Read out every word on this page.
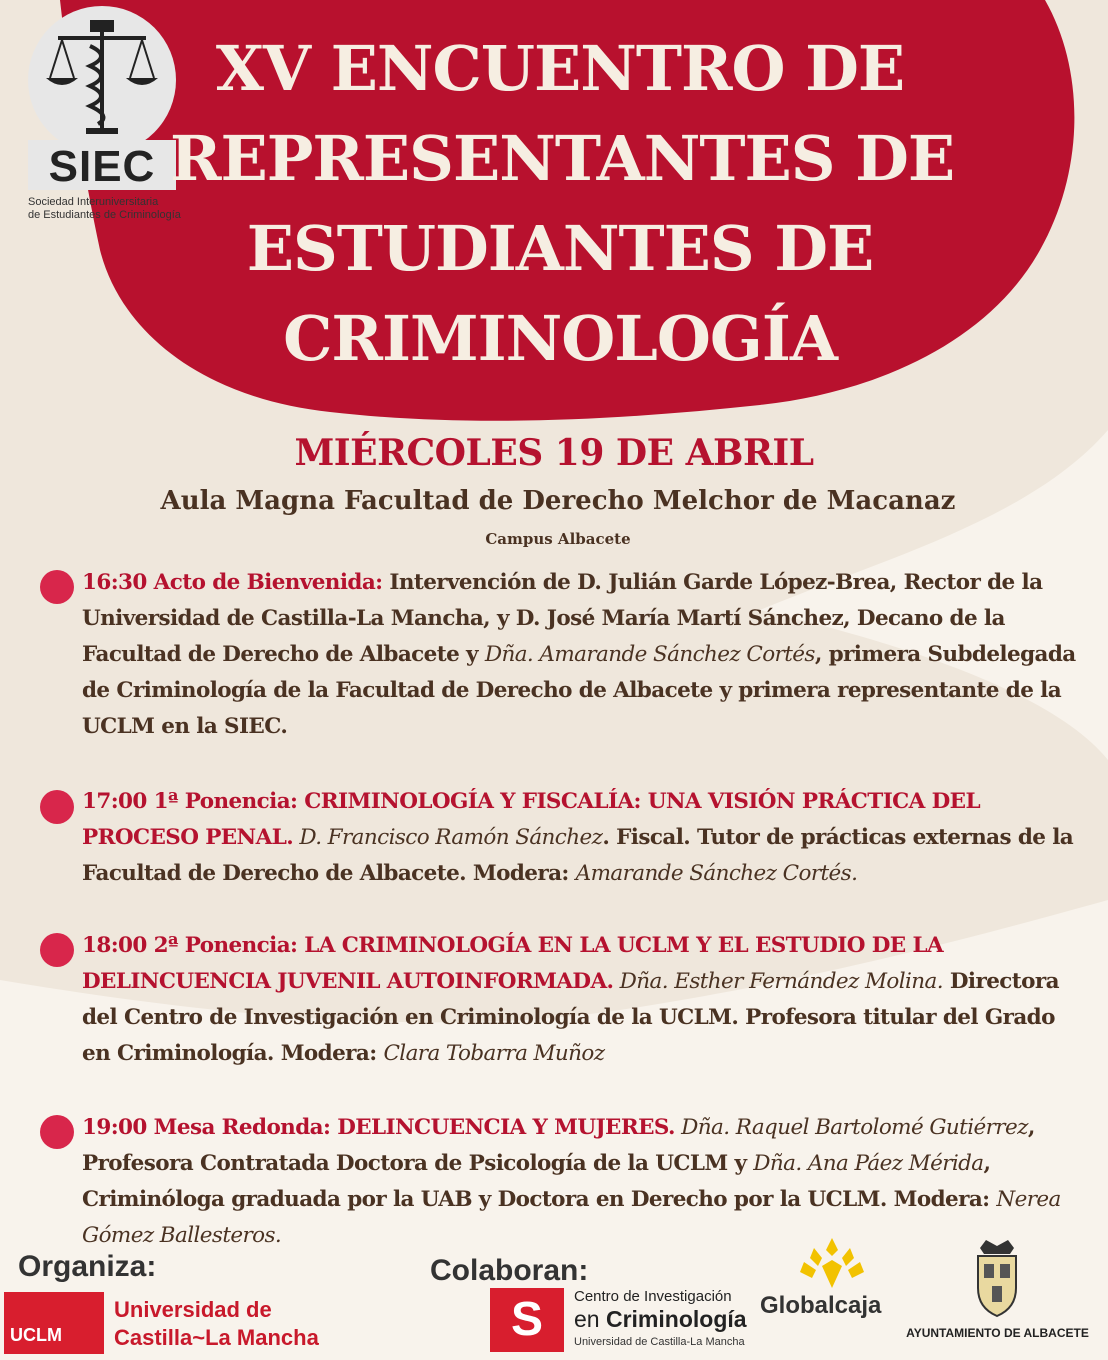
SIEC
Sociedad Interuniversitaria
de Estudiantes de Criminología
XV ENCUENTRO DE
REPRESENTANTES DE
ESTUDIANTES DE
CRIMINOLOGÍA
MIÉRCOLES 19 DE ABRIL
Aula Magna Facultad de Derecho Melchor de Macanaz
Campus Albacete
16:30 Acto de Bienvenida: Intervención de D. Julián Garde López-Brea, Rector de la Universidad de Castilla-La Mancha, y D. José María Martí Sánchez, Decano de la Facultad de Derecho de Albacete y Dña. Amarande Sánchez Cortés, primera Subdelegada de Criminología de la Facultad de Derecho de Albacete y primera representante de la UCLM en la SIEC.
17:00 1ª Ponencia: CRIMINOLOGÍA Y FISCALÍA: UNA VISIÓN PRÁCTICA DEL PROCESO PENAL. D. Francisco Ramón Sánchez. Fiscal. Tutor de prácticas externas de la Facultad de Derecho de Albacete. Modera: Amarande Sánchez Cortés.
18:00 2ª Ponencia: LA CRIMINOLOGÍA EN LA UCLM Y EL ESTUDIO DE LA DELINCUENCIA JUVENIL AUTOINFORMADA. Dña. Esther Fernández Molina. Directora del Centro de Investigación en Criminología de la UCLM. Profesora titular del Grado en Criminología. Modera: Clara Tobarra Muñoz
19:00 Mesa Redonda: DELINCUENCIA Y MUJERES. Dña. Raquel Bartolomé Gutiérrez, Profesora Contratada Doctora de Psicología de la UCLM y Dña. Ana Páez Mérida, Criminóloga graduada por la UAB y Doctora en Derecho por la UCLM. Modera: Nerea Gómez Ballesteros.
Organiza:	Colaboran:
UCLM
Universidad de
Castilla~La Mancha	S	Centro de Investigación
en Criminología
Universidad de Castilla-La Mancha
Globalcaja
AYUNTAMIENTO DE ALBACETE
